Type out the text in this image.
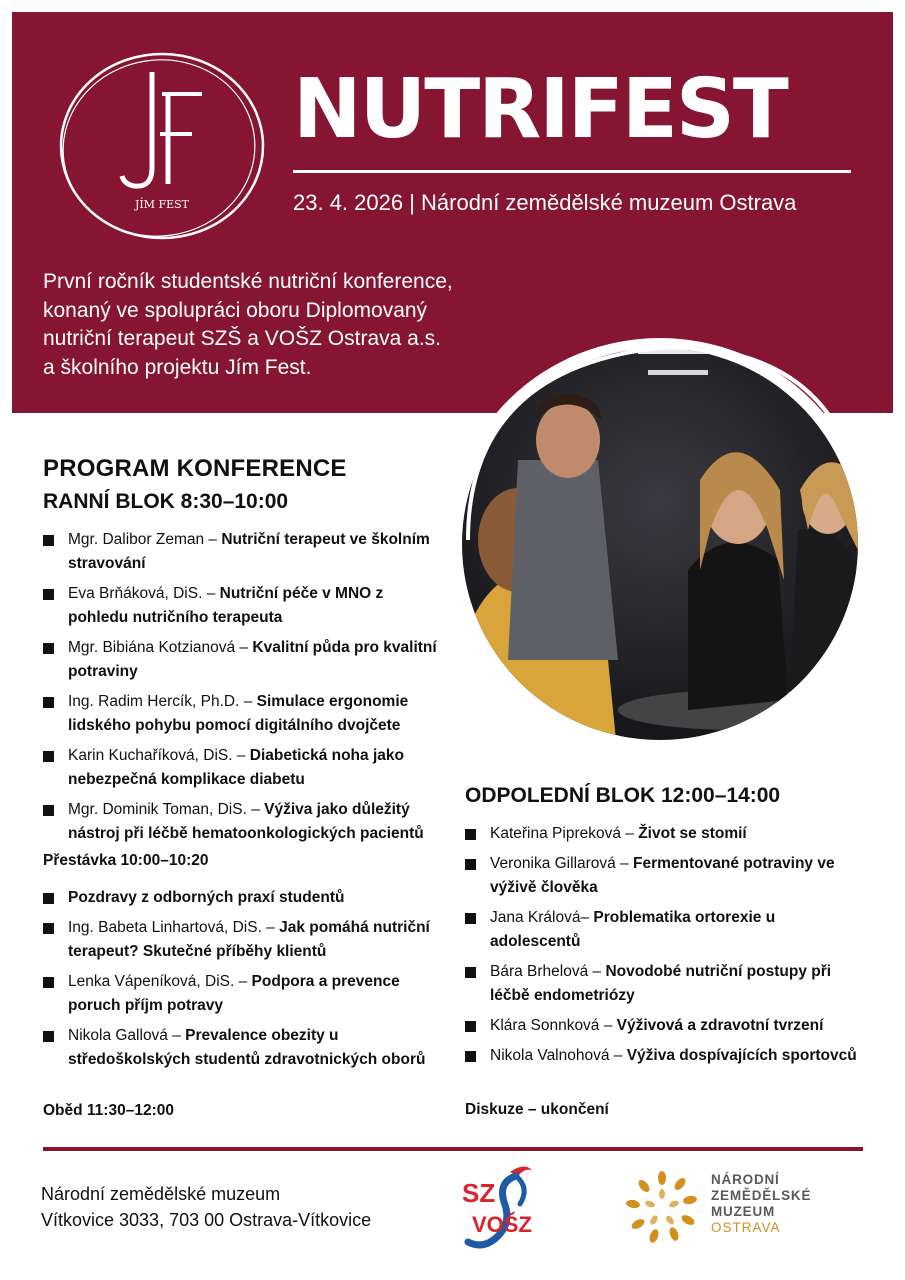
JÍM FEST
NUTRIFEST
23. 4. 2026 | Národní zemědělské muzeum Ostrava
První ročník studentské nutriční konference,
konaný ve spolupráci oboru Diplomovaný
nutriční terapeut SZŠ a VOŠZ Ostrava a.s.
a školního projektu Jím Fest.
PROGRAM KONFERENCE
RANNÍ BLOK 8:30–10:00
Mgr. Dalibor Zeman – Nutriční terapeut ve školním stravování
Eva Brňáková, DiS. – Nutriční péče v MNO z pohledu nutričního terapeuta
Mgr. Bibiána Kotzianová – Kvalitní půda pro kvalitní potraviny
Ing. Radim Hercík, Ph.D. – Simulace ergonomie lidského pohybu pomocí digitálního dvojčete
Karin Kuchaříková, DiS. – Diabetická noha jako nebezpečná komplikace diabetu
Mgr. Dominik Toman, DiS. – Výživa jako důležitý nástroj při léčbě hematoonkologických pacientů
Přestávka 10:00–10:20
Pozdravy z odborných praxí studentů
Ing. Babeta Linhartová, DiS. – Jak pomáhá nutriční terapeut? Skutečné příběhy klientů
Lenka Vápeníková, DiS. – Podpora a prevence poruch příjm potravy
Nikola Gallová – Prevalence obezity u středoškolských studentů zdravotnických oborů
Oběd 11:30–12:00
ODPOLEDNÍ BLOK 12:00–14:00
Kateřina Pipreková – Život se stomií
Veronika Gillarová – Fermentované potraviny ve výživě člověka
Jana Králová– Problematika ortorexie u adolescentů
Bára Brhelová – Novodobé nutriční postupy při léčbě endometriózy
Klára Sonnková – Výživová a zdravotní tvrzení
Nikola Valnohová – Výživa dospívajících sportovců
Diskuze – ukončení
Národní zemědělské muzeum
Vítkovice 3033, 703 00 Ostrava-Vítkovice
SZ
VOŠZ
NÁRODNÍ
ZEMĚDĚLSKÉ
MUZEUM
OSTRAVA
